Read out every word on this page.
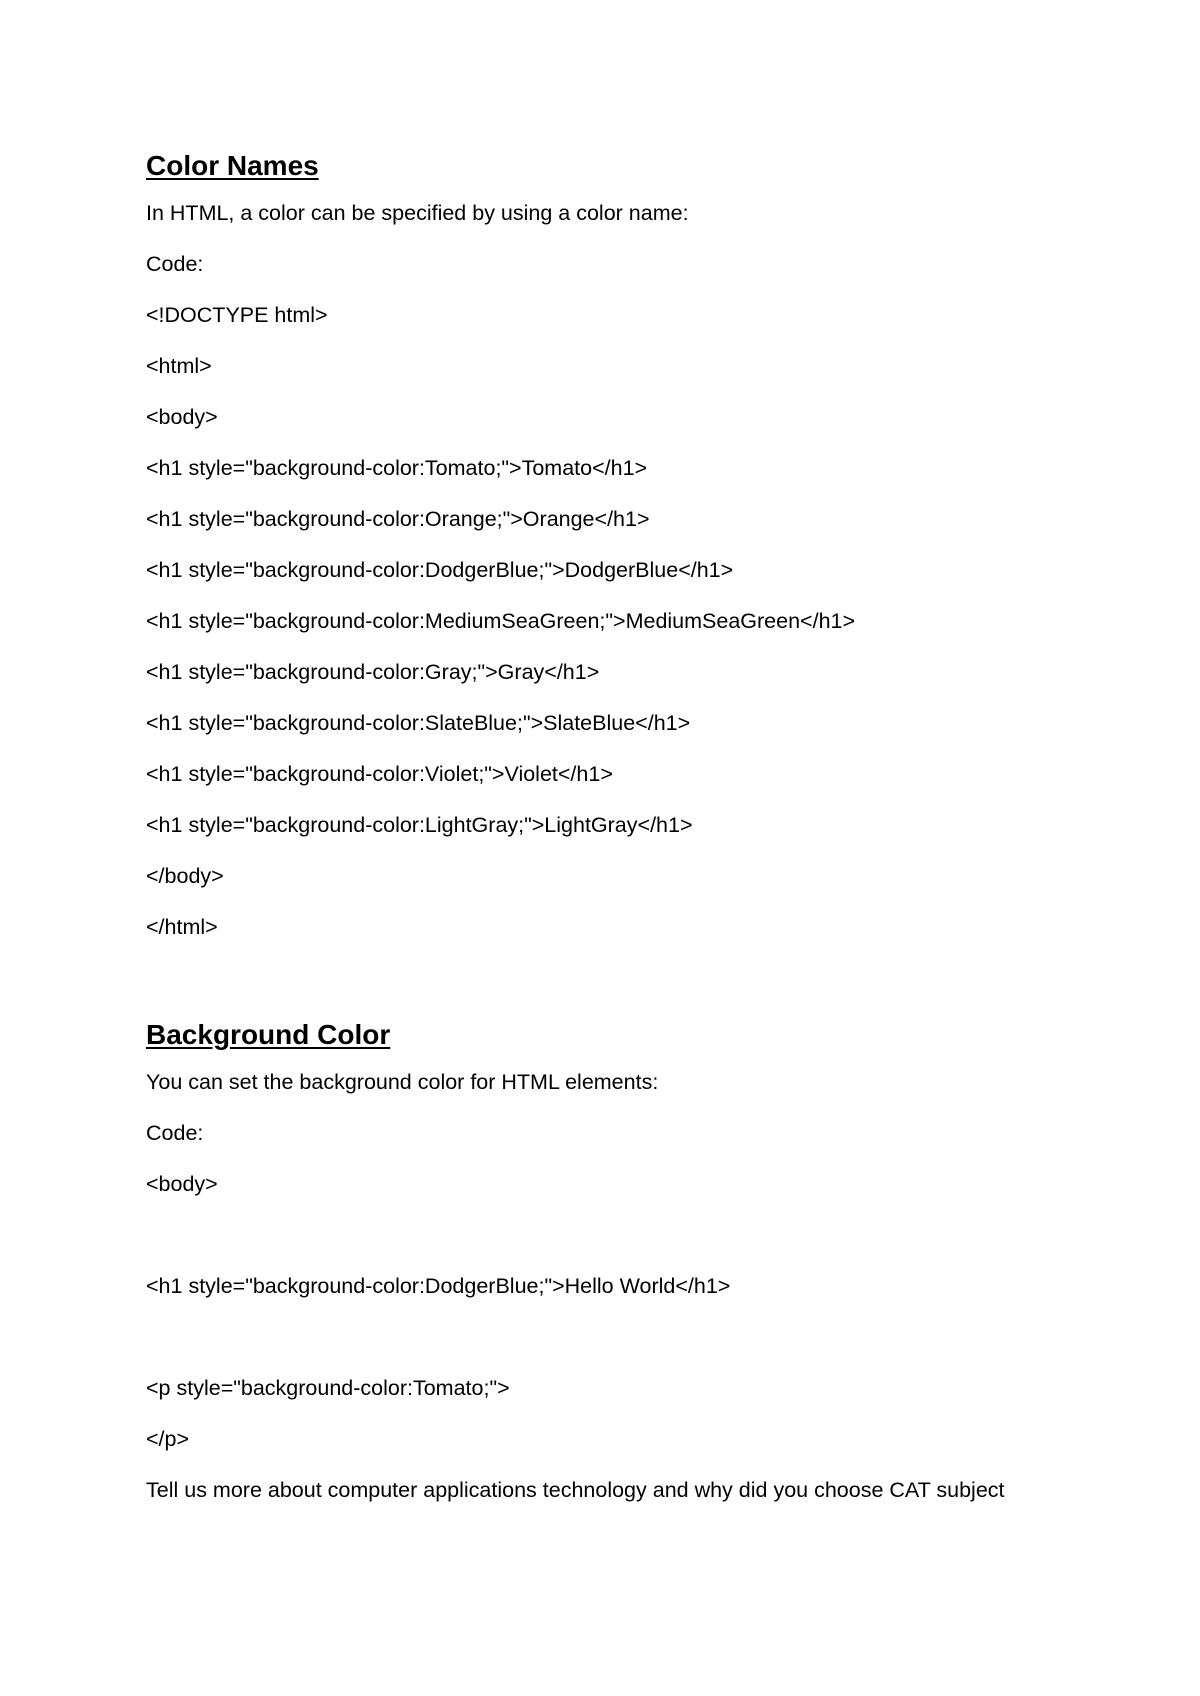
Color Names

In HTML, a color can be specified by using a color name:

Code:

<!DOCTYPE html>

<html>

<body>

<h1 style="background-color:Tomato;">Tomato</h1>

<h1 style="background-color:Orange;">Orange</h1>

<h1 style="background-color:DodgerBlue;">DodgerBlue</h1>

<h1 style="background-color:MediumSeaGreen;">MediumSeaGreen</h1>

<h1 style="background-color:Gray;">Gray</h1>

<h1 style="background-color:SlateBlue;">SlateBlue</h1>

<h1 style="background-color:Violet;">Violet</h1>

<h1 style="background-color:LightGray;">LightGray</h1>

</body>

</html>

Background Color

You can set the background color for HTML elements:

Code:

<body>

<h1 style="background-color:DodgerBlue;">Hello World</h1>

<p style="background-color:Tomato;">

</p>

Tell us more about computer applications technology and why did you choose CAT subject
